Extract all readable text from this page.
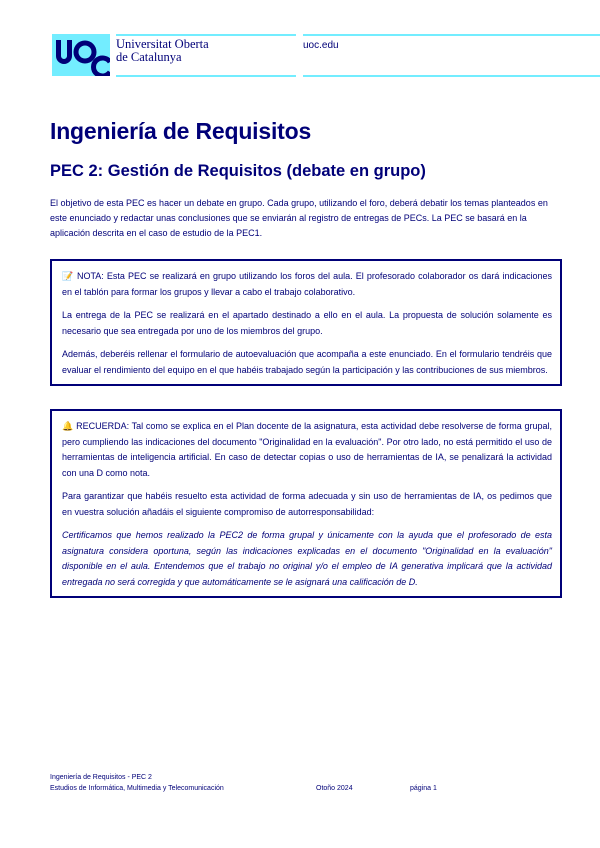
Universitat Oberta
de Catalunya
uoc.edu
Ingeniería de Requisitos
PEC 2: Gestión de Requisitos (debate en grupo)

El objetivo de esta PEC es hacer un debate en grupo. Cada grupo, utilizando el foro, deberá debatir los temas planteados en este enunciado y redactar unas conclusiones que se enviarán al registro de entregas de PECs. La PEC se basará en la aplicación descrita en el caso de estudio de la PEC1.

📝 NOTA: Esta PEC se realizará en grupo utilizando los foros del aula. El profesorado colaborador os dará indicaciones en el tablón para formar los grupos y llevar a cabo el trabajo colaborativo.

La entrega de la PEC se realizará en el apartado destinado a ello en el aula. La propuesta de solución solamente es necesario que sea entregada por uno de los miembros del grupo.

Además, deberéis rellenar el formulario de autoevaluación que acompaña a este enunciado. En el formulario tendréis que evaluar el rendimiento del equipo en el que habéis trabajado según la participación y las contribuciones de sus miembros.

🔔 RECUERDA: Tal como se explica en el Plan docente de la asignatura, esta actividad debe resolverse de forma grupal, pero cumpliendo las indicaciones del documento "Originalidad en la evaluación". Por otro lado, no está permitido el uso de herramientas de inteligencia artificial. En caso de detectar copias o uso de herramientas de IA, se penalizará la actividad con una D como nota.

Para garantizar que habéis resuelto esta actividad de forma adecuada y sin uso de herramientas de IA, os pedimos que en vuestra solución añadáis el siguiente compromiso de autorresponsabilidad:

Certificamos que hemos realizado la PEC2 de forma grupal y únicamente con la ayuda que el profesorado de esta asignatura considera oportuna, según las indicaciones explicadas en el documento "Originalidad en la evaluación" disponible en el aula. Entendemos que el trabajo no original y/o el empleo de IA generativa implicará que la actividad entregada no será corregida y que automáticamente se le asignará una calificación de D.

Ingeniería de Requisitos - PEC 2
Estudios de Informática, Multimedia y Telecomunicación	Otoño 2024	página 1
